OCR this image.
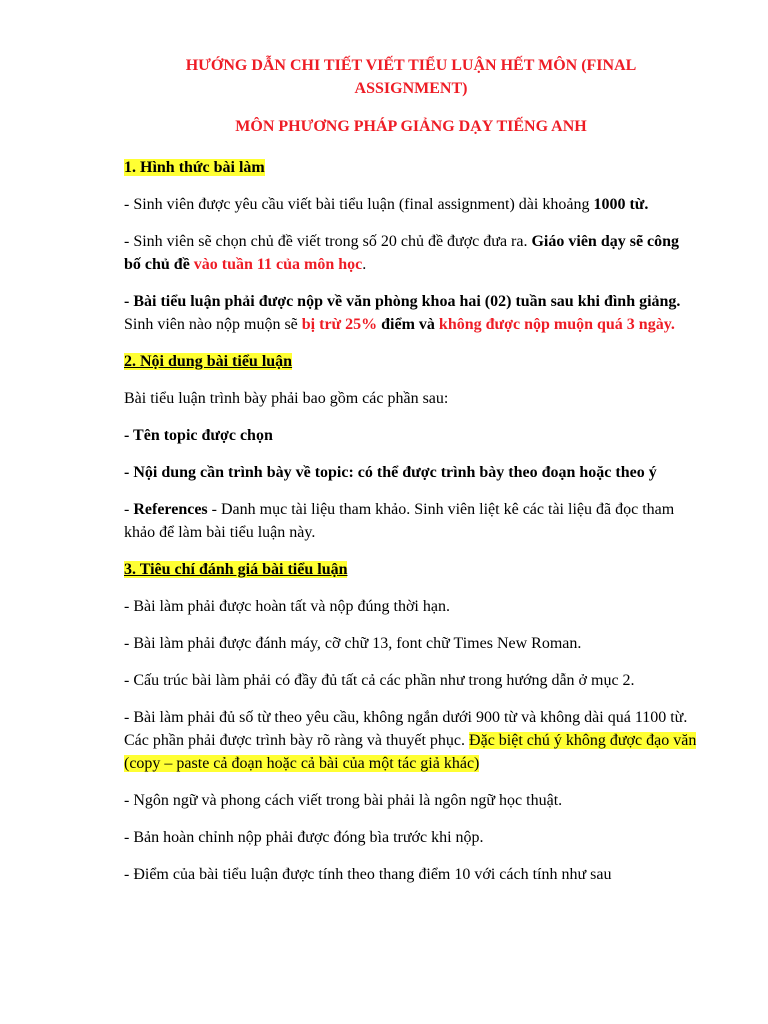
HƯỚNG DẪN CHI TIẾT VIẾT TIỂU LUẬN HẾT MÔN (FINAL ASSIGNMENT)

MÔN PHƯƠNG PHÁP GIẢNG DẠY TIẾNG ANH

1. Hình thức bài làm

- Sinh viên được yêu cầu viết bài tiểu luận (final assignment) dài khoảng 1000 từ.

- Sinh viên sẽ chọn chủ đề viết trong số 20 chủ đề được đưa ra. Giáo viên dạy sẽ công bố chủ đề vào tuần 11 của môn học.

- Bài tiểu luận phải được nộp về văn phòng khoa hai (02) tuần sau khi đình giảng. Sinh viên nào nộp muộn sẽ bị trừ 25% điểm và không được nộp muộn quá 3 ngày.

2. Nội dung bài tiểu luận

Bài tiểu luận trình bày phải bao gồm các phần sau:

- Tên topic được chọn

- Nội dung cần trình bày về topic: có thể được trình bày theo đoạn hoặc theo ý

- References - Danh mục tài liệu tham khảo. Sinh viên liệt kê các tài liệu đã đọc tham khảo để làm bài tiểu luận này.

3. Tiêu chí đánh giá bài tiểu luận

- Bài làm phải được hoàn tất và nộp đúng thời hạn.

- Bài làm phải được đánh máy, cỡ chữ 13, font chữ Times New Roman.

- Cấu trúc bài làm phải có đầy đủ tất cả các phần như trong hướng dẫn ở mục 2.

- Bài làm phải đủ số từ theo yêu cầu, không ngắn dưới 900 từ và không dài quá 1100 từ. Các phần phải được trình bày rõ ràng và thuyết phục. Đặc biệt chú ý không được đạo văn (copy – paste cả đoạn hoặc cả bài của một tác giả khác)

- Ngôn ngữ và phong cách viết trong bài phải là ngôn ngữ học thuật.

- Bản hoàn chỉnh nộp phải được đóng bìa trước khi nộp.

- Điểm của bài tiểu luận được tính theo thang điểm 10 với cách tính như sau
